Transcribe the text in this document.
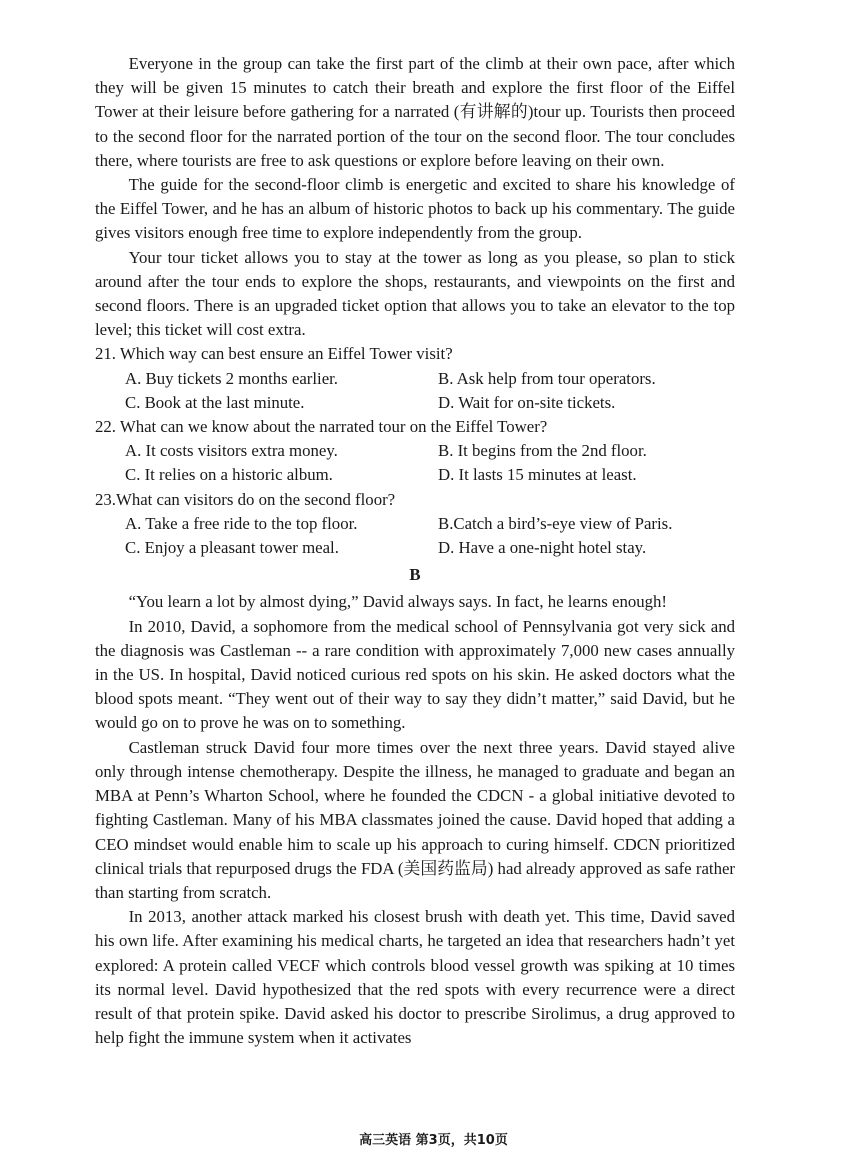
Everyone in the group can take the first part of the climb at their own pace, after which they will be given 15 minutes to catch their breath and explore the first floor of the Eiffel Tower at their leisure before gathering for a narrated (有讲解的)tour up. Tourists then proceed to the second floor for the narrated portion of the tour on the second floor. The tour concludes there, where tourists are free to ask questions or explore before leaving on their own.

The guide for the second-floor climb is energetic and excited to share his knowledge of the Eiffel Tower, and he has an album of historic photos to back up his commentary. The guide gives visitors enough free time to explore independently from the group.

Your tour ticket allows you to stay at the tower as long as you please, so plan to stick around after the tour ends to explore the shops, restaurants, and viewpoints on the first and second floors. There is an upgraded ticket option that allows you to take an elevator to the top level; this ticket will cost extra.

21. Which way can best ensure an Eiffel Tower visit?

A. Buy tickets 2 months earlier.	B. Ask help from tour operators.
C. Book at the last minute.	D. Wait for on-site tickets.

22. What can we know about the narrated tour on the Eiffel Tower?

A. It costs visitors extra money.	B. It begins from the 2nd floor.
C. It relies on a historic album.	D. It lasts 15 minutes at least.

23.What can visitors do on the second floor?

A. Take a free ride to the top floor.	B.Catch a bird’s-eye view of Paris.
C. Enjoy a pleasant tower meal.	D. Have a one-night hotel stay.
B

“You learn a lot by almost dying,” David always says. In fact, he learns enough!

In 2010, David, a sophomore from the medical school of Pennsylvania got very sick and the diagnosis was Castleman -- a rare condition with approximately 7,000 new cases annually in the US. In hospital, David noticed curious red spots on his skin. He asked doctors what the blood spots meant. “They went out of their way to say they didn’t matter,” said David, but he would go on to prove he was on to something.

Castleman struck David four more times over the next three years. David stayed alive only through intense chemotherapy. Despite the illness, he managed to graduate and began an MBA at Penn’s Wharton School, where he founded the CDCN - a global initiative devoted to fighting Castleman. Many of his MBA classmates joined the cause. David hoped that adding a CEO mindset would enable him to scale up his approach to curing himself. CDCN prioritized clinical trials that repurposed drugs the FDA (美国药监局) had already approved as safe rather than starting from scratch.

In 2013, another attack marked his closest brush with death yet. This time, David saved his own life. After examining his medical charts, he targeted an idea that researchers hadn’t yet explored: A protein called VECF which controls blood vessel growth was spiking at 10 times its normal level. David hypothesized that the red spots with every recurrence were a direct result of that protein spike. David asked his doctor to prescribe Sirolimus, a drug approved to help fight the immune system when it activates

高三英语 第3页，共10页
